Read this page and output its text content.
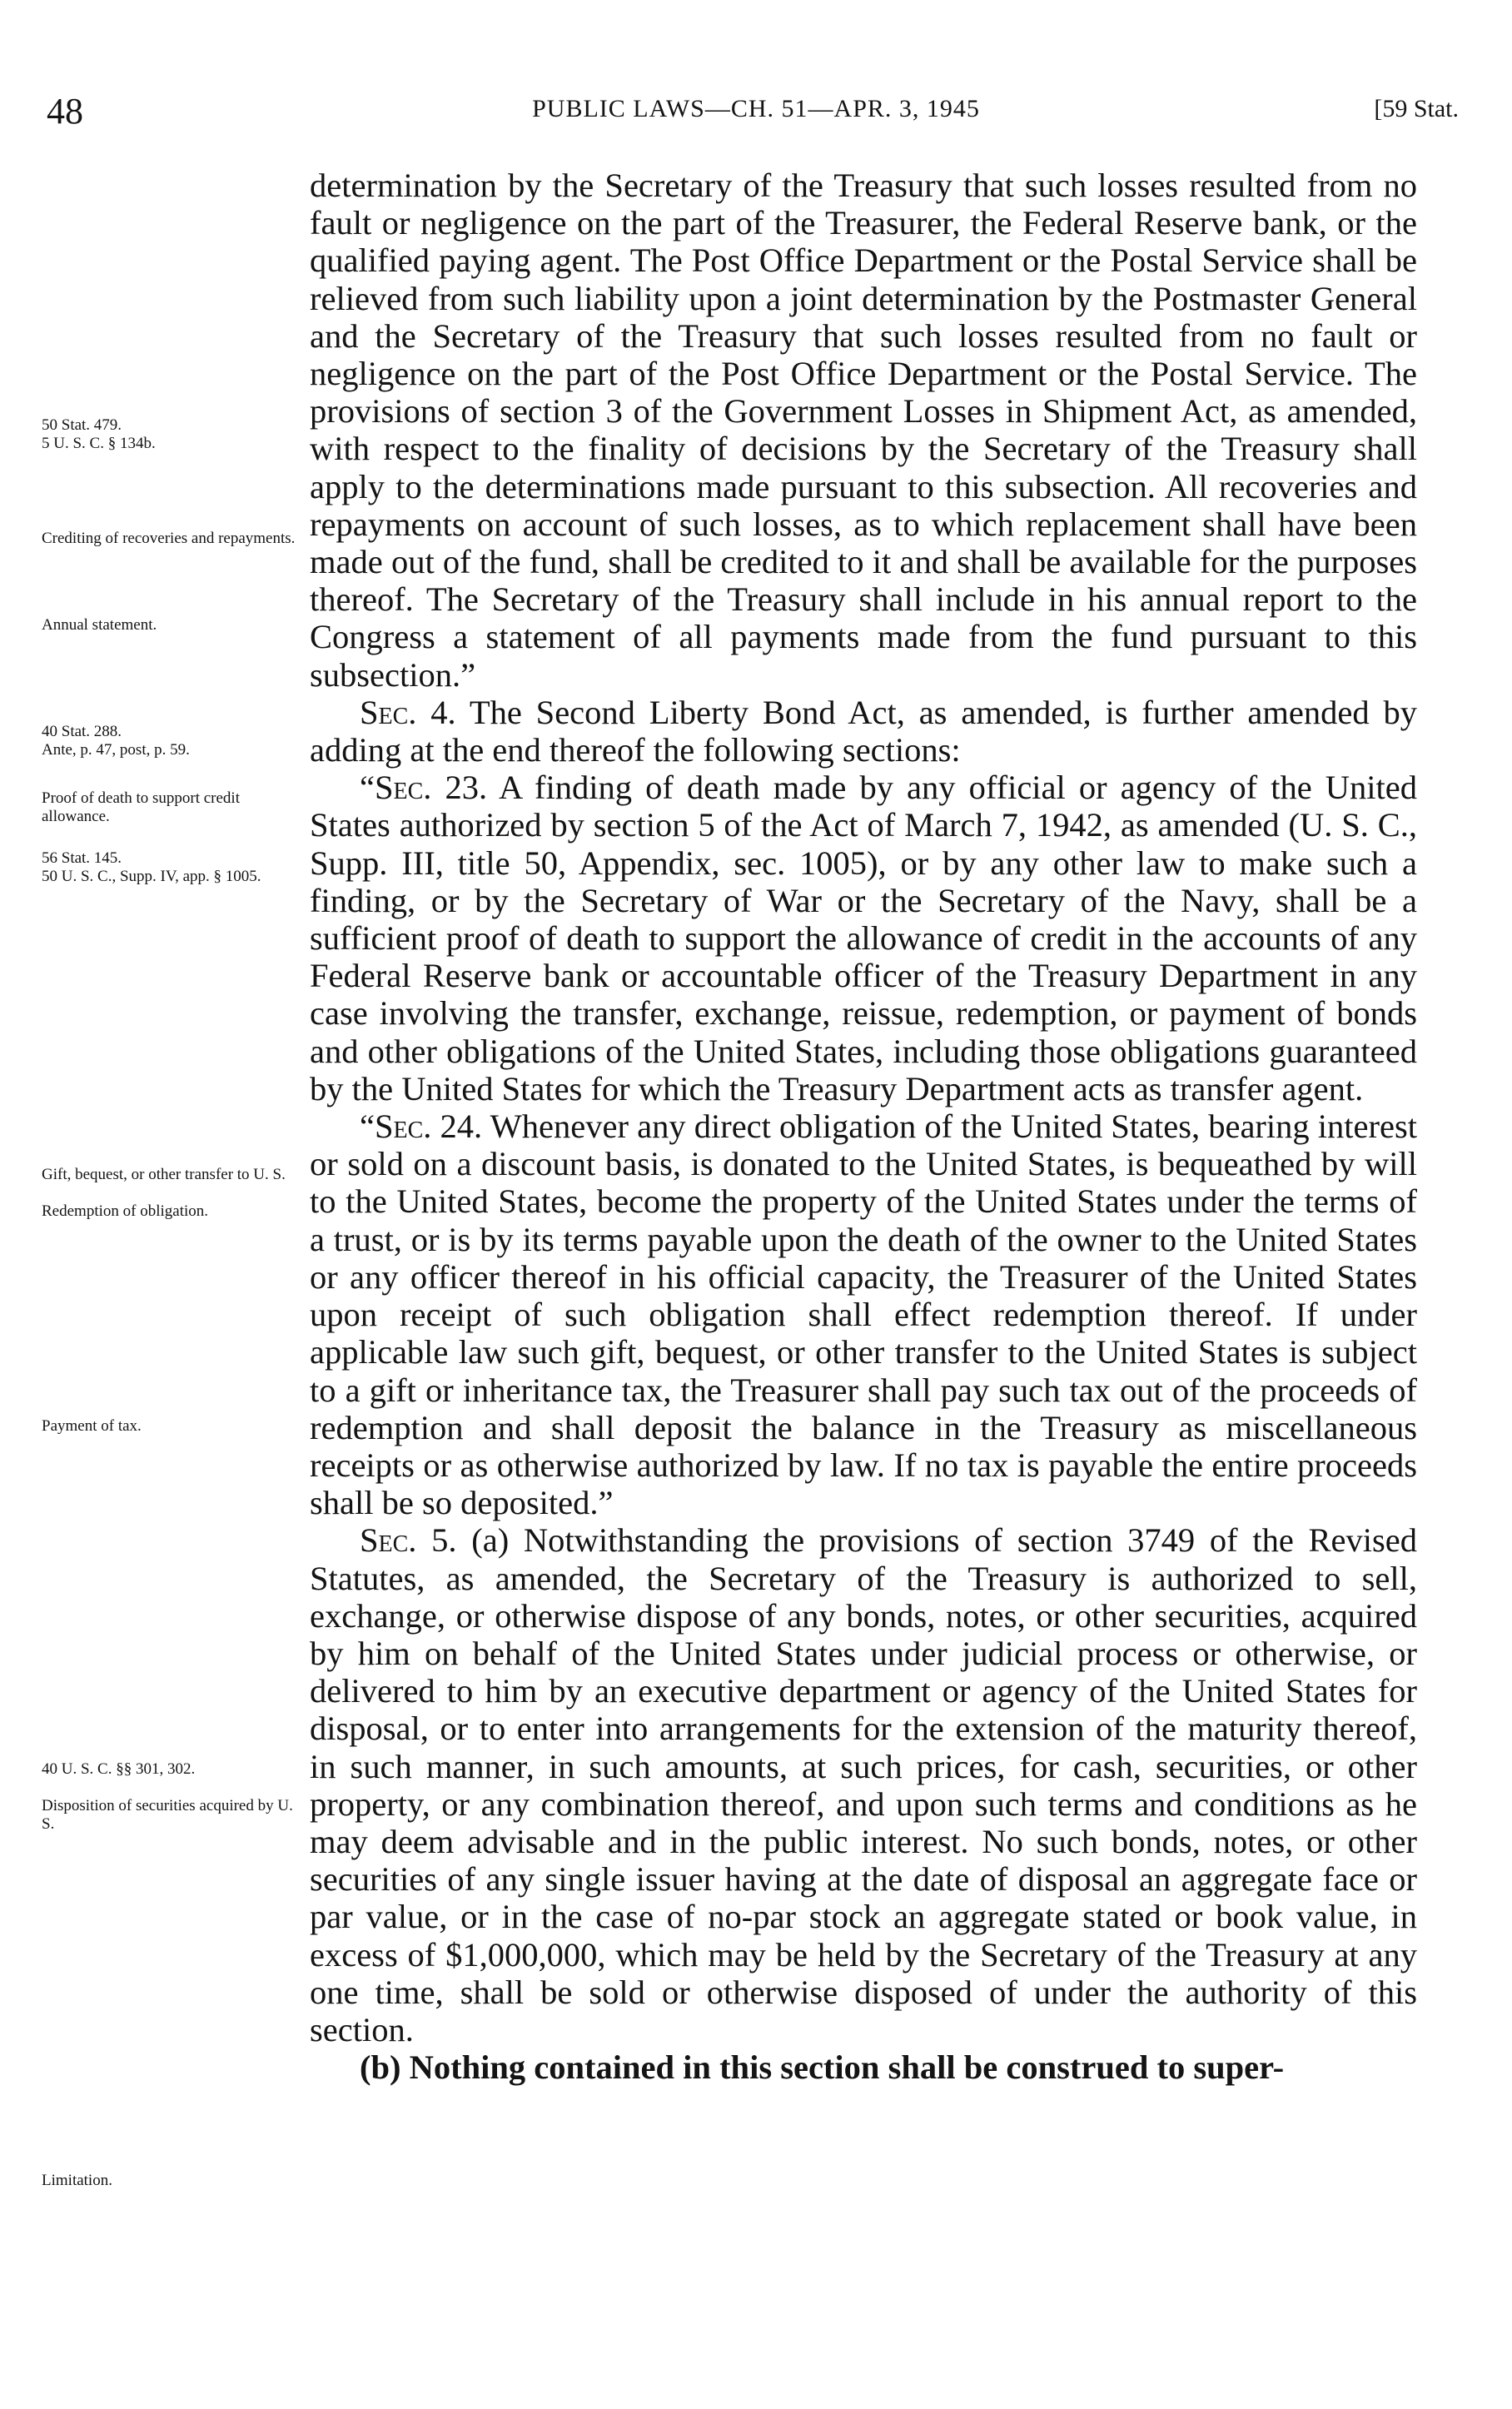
48	PUBLIC LAWS—CH. 51—APR. 3, 1945	[59 Stat.
50 Stat. 479.
5 U. S. C. § 134b.
Crediting of recoveries and repayments.
Annual statement.
40 Stat. 288.
Ante, p. 47, post, p. 59.
Proof of death to support credit allowance.
56 Stat. 145.
50 U. S. C., Supp. IV, app. § 1005.
Gift, bequest, or other transfer to U. S.
Redemption of obligation.
Payment of tax.
40 U. S. C. §§ 301, 302.
Disposition of securities acquired by U. S.
Limitation.

determination by the Secretary of the Treasury that such losses resulted from no fault or negligence on the part of the Treasurer, the Federal Reserve bank, or the qualified paying agent. The Post Office Department or the Postal Service shall be relieved from such liability upon a joint determination by the Postmaster General and the Secretary of the Treasury that such losses resulted from no fault or negligence on the part of the Post Office Department or the Postal Service. The provisions of section 3 of the Government Losses in Shipment Act, as amended, with respect to the finality of decisions by the Secretary of the Treasury shall apply to the determinations made pursuant to this subsection. All recoveries and repayments on account of such losses, as to which replacement shall have been made out of the fund, shall be credited to it and shall be available for the purposes thereof. The Secretary of the Treasury shall include in his annual report to the Congress a statement of all payments made from the fund pursuant to this subsection.”

Sec. 4. The Second Liberty Bond Act, as amended, is further amended by adding at the end thereof the following sections:

“Sec. 23. A finding of death made by any official or agency of the United States authorized by section 5 of the Act of March 7, 1942, as amended (U. S. C., Supp. III, title 50, Appendix, sec. 1005), or by any other law to make such a finding, or by the Secretary of War or the Secretary of the Navy, shall be a sufficient proof of death to support the allowance of credit in the accounts of any Federal Reserve bank or accountable officer of the Treasury Department in any case involving the transfer, exchange, reissue, redemption, or payment of bonds and other obligations of the United States, including those obligations guaranteed by the United States for which the Treasury Department acts as transfer agent.

“Sec. 24. Whenever any direct obligation of the United States, bearing interest or sold on a discount basis, is donated to the United States, is bequeathed by will to the United States, become the property of the United States under the terms of a trust, or is by its terms payable upon the death of the owner to the United States or any officer thereof in his official capacity, the Treasurer of the United States upon receipt of such obligation shall effect redemption thereof. If under applicable law such gift, bequest, or other transfer to the United States is subject to a gift or inheritance tax, the Treasurer shall pay such tax out of the proceeds of redemption and shall deposit the balance in the Treasury as miscellaneous receipts or as otherwise authorized by law. If no tax is payable the entire proceeds shall be so deposited.”

Sec. 5. (a) Notwithstanding the provisions of section 3749 of the Revised Statutes, as amended, the Secretary of the Treasury is authorized to sell, exchange, or otherwise dispose of any bonds, notes, or other securities, acquired by him on behalf of the United States under judicial process or otherwise, or delivered to him by an executive department or agency of the United States for disposal, or to enter into arrangements for the extension of the maturity thereof, in such manner, in such amounts, at such prices, for cash, securities, or other property, or any combination thereof, and upon such terms and conditions as he may deem advisable and in the public interest. No such bonds, notes, or other securities of any single issuer having at the date of disposal an aggregate face or par value, or in the case of no-par stock an aggregate stated or book value, in excess of $1,000,000, which may be held by the Secretary of the Treasury at any one time, shall be sold or otherwise disposed of under the authority of this section.

(b) Nothing contained in this section shall be construed to super-
